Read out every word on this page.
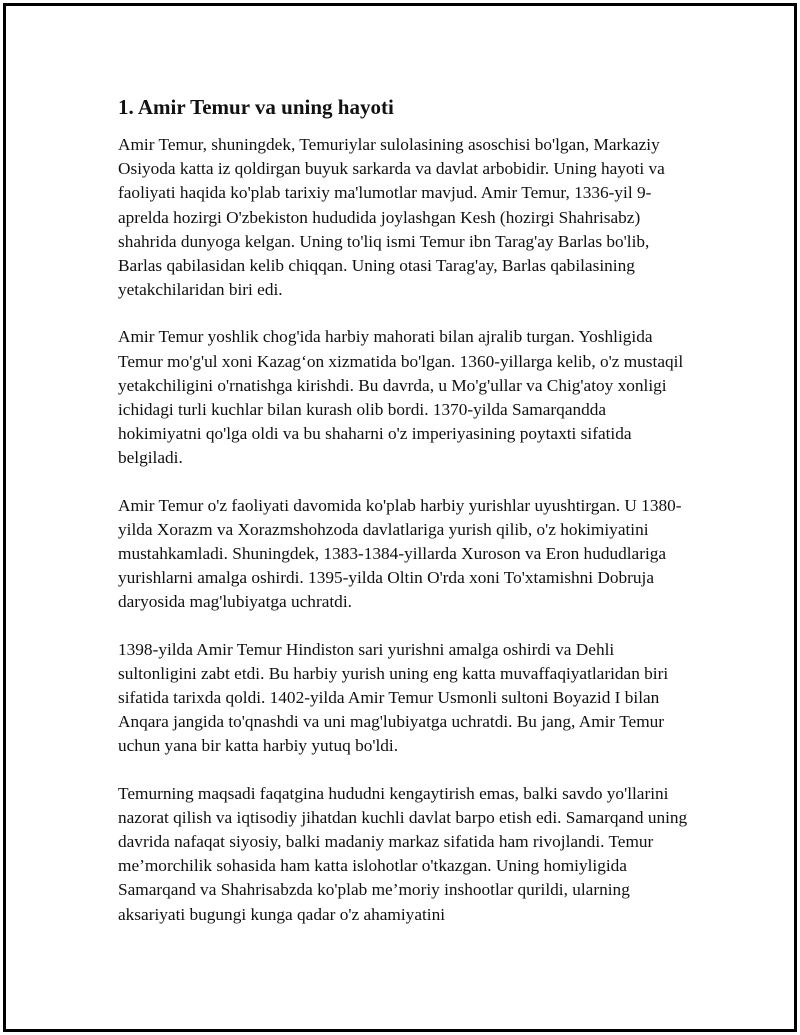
1. Amir Temur va uning hayoti

Amir Temur, shuningdek, Temuriylar sulolasining asoschisi bo'lgan, Markaziy Osiyoda katta iz qoldirgan buyuk sarkarda va davlat arbobidir. Uning hayoti va faoliyati haqida ko'plab tarixiy ma'lumotlar mavjud. Amir Temur, 1336-yil 9-aprelda hozirgi O'zbekiston hududida joylashgan Kesh (hozirgi Shahrisabz) shahrida dunyoga kelgan. Uning to'liq ismi Temur ibn Tarag'ay Barlas bo'lib, Barlas qabilasidan kelib chiqqan. Uning otasi Tarag'ay, Barlas qabilasining yetakchilaridan biri edi.

Amir Temur yoshlik chog'ida harbiy mahorati bilan ajralib turgan. Yoshligida Temur mo'g'ul xoni Kazag‘on xizmatida bo'lgan. 1360-yillarga kelib, o'z mustaqil yetakchiligini o'rnatishga kirishdi. Bu davrda, u Mo'g'ullar va Chig'atoy xonligi ichidagi turli kuchlar bilan kurash olib bordi. 1370-yilda Samarqandda hokimiyatni qo'lga oldi va bu shaharni o'z imperiyasining poytaxti sifatida belgiladi.

Amir Temur o'z faoliyati davomida ko'plab harbiy yurishlar uyushtirgan. U 1380-yilda Xorazm va Xorazmshohzoda davlatlariga yurish qilib, o'z hokimiyatini mustahkamladi. Shuningdek, 1383-1384-yillarda Xuroson va Eron hududlariga yurishlarni amalga oshirdi. 1395-yilda Oltin O'rda xoni To'xtamishni Dobruja daryosida mag'lubiyatga uchratdi.

1398-yilda Amir Temur Hindiston sari yurishni amalga oshirdi va Dehli sultonligini zabt etdi. Bu harbiy yurish uning eng katta muvaffaqiyatlaridan biri sifatida tarixda qoldi. 1402-yilda Amir Temur Usmonli sultoni Boyazid I bilan Anqara jangida to'qnashdi va uni mag'lubiyatga uchratdi. Bu jang, Amir Temur uchun yana bir katta harbiy yutuq bo'ldi.

Temurning maqsadi faqatgina hududni kengaytirish emas, balki savdo yo'llarini nazorat qilish va iqtisodiy jihatdan kuchli davlat barpo etish edi. Samarqand uning davrida nafaqat siyosiy, balki madaniy markaz sifatida ham rivojlandi. Temur me’morchilik sohasida ham katta islohotlar o'tkazgan. Uning homiyligida Samarqand va Shahrisabzda ko'plab me’moriy inshootlar qurildi, ularning aksariyati bugungi kunga qadar o'z ahamiyatini
